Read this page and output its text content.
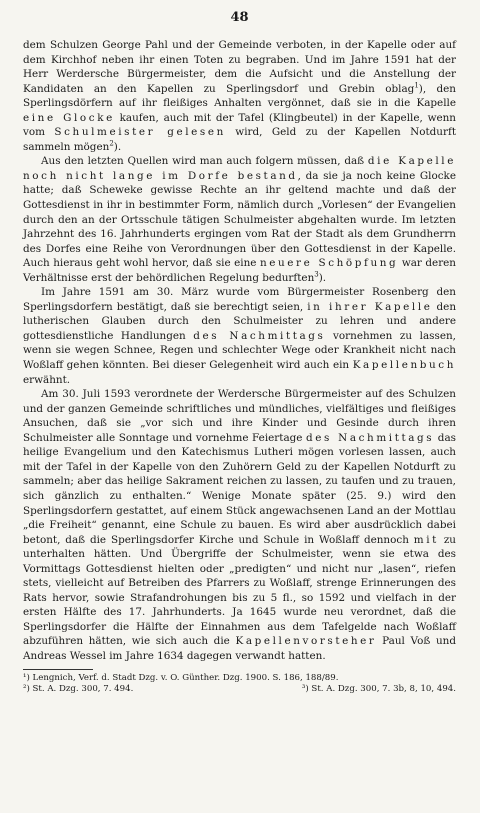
48

dem Schulzen George Pahl und der Gemeinde verboten, in der Kapelle oder auf dem Kirchhof neben ihr einen Toten zu begraben. Und im Jahre 1591 hat der Herr Werdersche Bürgermeister, dem die Aufsicht und die Anstellung der Kandidaten an den Kapellen zu Sperlingsdorf und Grebin oblag$^1$), den Sperlingsdörfern auf ihr fleißiges Anhalten vergönnet, daß sie in die Kapelle eine Glocke kaufen, auch mit der Tafel (Klingbeutel) in der Kapelle, wenn vom Schulmeister gelesen wird, Geld zu der Kapellen Notdurft sammeln mögen$^2$).

Aus den letzten Quellen wird man auch folgern müssen, daß die Kapelle noch nicht lange im Dorfe bestand, da sie ja noch keine Glocke hatte; daß Scheweke gewisse Rechte an ihr geltend machte und daß der Gottesdienst in ihr in bestimmter Form, nämlich durch „Vorlesen“ der Evangelien durch den an der Ortsschule tätigen Schulmeister abgehalten wurde. Im letzten Jahrzehnt des 16. Jahrhunderts ergingen vom Rat der Stadt als dem Grundherrn des Dorfes eine Reihe von Verordnungen über den Gottesdienst in der Kapelle. Auch hieraus geht wohl hervor, daß sie eine neuere Schöpfung war deren Verhältnisse erst der behördlichen Regelung bedurften$^3$).

Im Jahre 1591 am 30. März wurde vom Bürgermeister Rosenberg den Sperlingsdorfern bestätigt, daß sie berechtigt seien, in ihrer Kapelle den lutherischen Glauben durch den Schulmeister zu lehren und andere gottesdienstliche Handlungen des Nachmittags vornehmen zu lassen, wenn sie wegen Schnee, Regen und schlechter Wege oder Krankheit nicht nach Woßlaff gehen könnten. Bei dieser Gelegenheit wird auch ein Kapellenbuch erwähnt.

Am 30. Juli 1593 verordnete der Werdersche Bürgermeister auf des Schulzen und der ganzen Gemeinde schriftliches und mündliches, vielfältiges und fleißiges Ansuchen, daß sie „vor sich und ihre Kinder und Gesinde durch ihren Schulmeister alle Sonntage und vornehme Feiertage des Nachmittags das heilige Evangelium und den Katechismus Lutheri mögen vorlesen lassen, auch mit der Tafel in der Kapelle von den Zuhörern Geld zu der Kapellen Notdurft zu sammeln; aber das heilige Sakrament reichen zu lassen, zu taufen und zu trauen, sich gänzlich zu enthalten.“ Wenige Monate später (25. 9.) wird den Sperlingsdorfern gestattet, auf einem Stück angewachsenen Land an der Mottlau „die Freiheit“ genannt, eine Schule zu bauen. Es wird aber ausdrücklich dabei betont, daß die Sperlingsdorfer Kirche und Schule in Woßlaff dennoch mit zu unterhalten hätten. Und Übergriffe der Schulmeister, wenn sie etwa des Vormittags Gottesdienst hielten oder „predigten“ und nicht nur „lasen“, riefen stets, vielleicht auf Betreiben des Pfarrers zu Woßlaff, strenge Erinnerungen des Rats hervor, sowie Strafandrohungen bis zu 5 fl., so 1592 und vielfach in der ersten Hälfte des 17. Jahrhunderts. Ja 1645 wurde neu verordnet, daß die Sperlingsdorfer die Hälfte der Einnahmen aus dem Tafelgelde nach Woßlaff abzuführen hätten, wie sich auch die Kapellenvorsteher Paul Voß und Andreas Wessel im Jahre 1634 dagegen verwandt hatten.

¹) Lengnich, Verf. d. Stadt Dzg. v. O. Günther. Dzg. 1900. S. 186, 188/89.
²) St. A. Dzg. 300, 7. 494.	³) St. A. Dzg. 300, 7. 3b, 8, 10, 494.
